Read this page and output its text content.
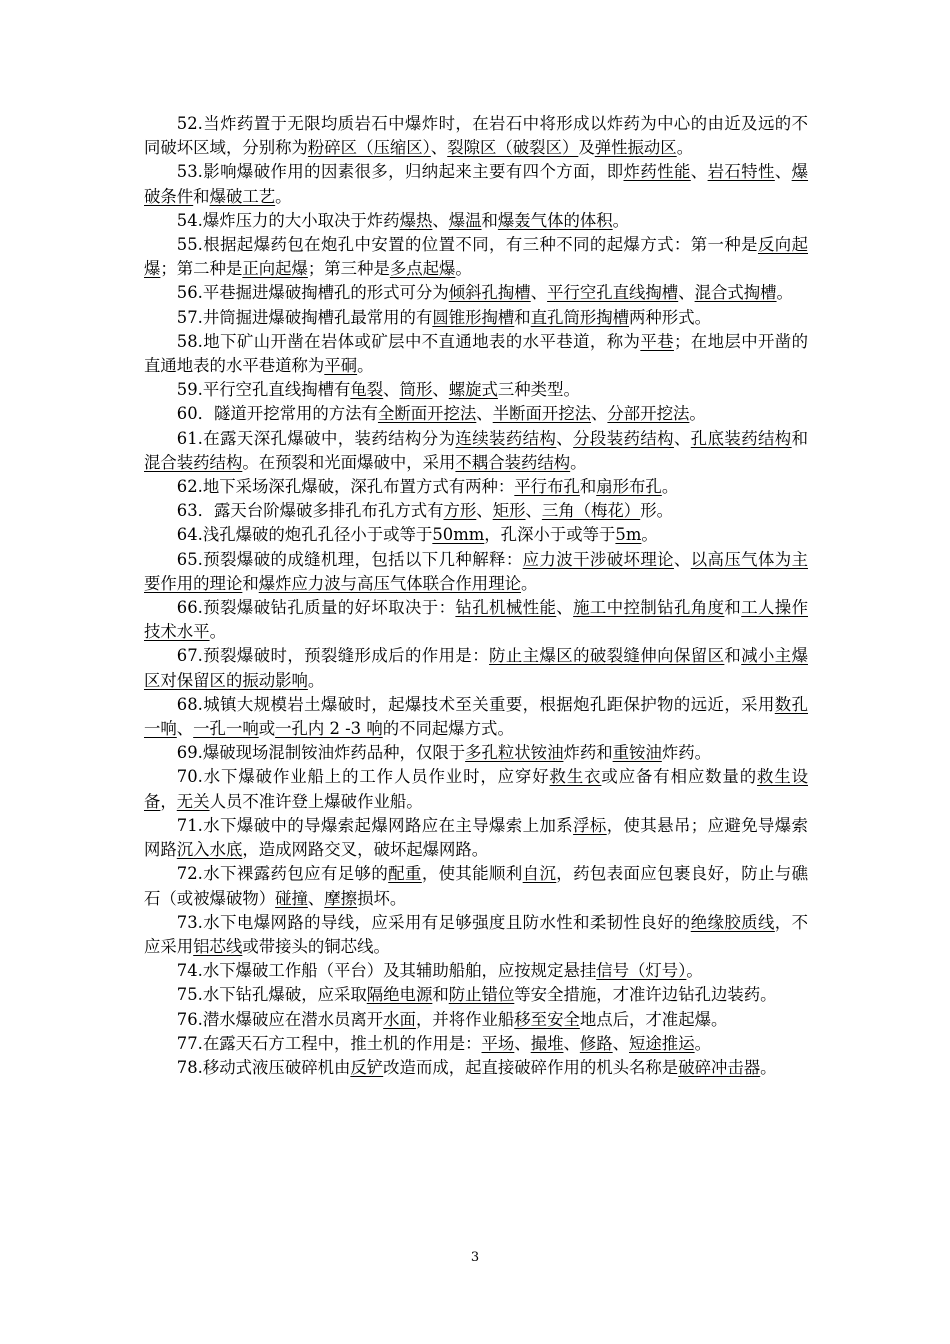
52.当炸药置于无限均质岩石中爆炸时，在岩石中将形成以炸药为中心的由近及远的不同破坏区域，分别称为粉碎区（压缩区）、裂隙区（破裂区）及弹性振动区。

53.影响爆破作用的因素很多，归纳起来主要有四个方面，即炸药性能、岩石特性、爆破条件和爆破工艺。

54.爆炸压力的大小取决于炸药爆热、爆温和爆轰气体的体积。

55.根据起爆药包在炮孔中安置的位置不同，有三种不同的起爆方式：第一种是反向起爆；第二种是正向起爆；第三种是多点起爆。

56.平巷掘进爆破掏槽孔的形式可分为倾斜孔掏槽、平行空孔直线掏槽、混合式掏槽。

57.井筒掘进爆破掏槽孔最常用的有圆锥形掏槽和直孔筒形掏槽两种形式。

58.地下矿山开凿在岩体或矿层中不直通地表的水平巷道，称为平巷；在地层中开凿的直通地表的水平巷道称为平硐。

59.平行空孔直线掏槽有龟裂、筒形、螺旋式三种类型。

60．隧道开挖常用的方法有全断面开挖法、半断面开挖法、分部开挖法。

61.在露天深孔爆破中，装药结构分为连续装药结构、分段装药结构、孔底装药结构和混合装药结构。在预裂和光面爆破中，采用不耦合装药结构。

62.地下采场深孔爆破，深孔布置方式有两种：平行布孔和扇形布孔。

63．露天台阶爆破多排孔布孔方式有方形、矩形、三角（梅花）形。

64.浅孔爆破的炮孔孔径小于或等于50mm，孔深小于或等于5m。

65.预裂爆破的成缝机理，包括以下几种解释：应力波干涉破坏理论、以高压气体为主要作用的理论和爆炸应力波与高压气体联合作用理论。

66.预裂爆破钻孔质量的好坏取决于：钻孔机械性能、施工中控制钻孔角度和工人操作技术水平。

67.预裂爆破时，预裂缝形成后的作用是：防止主爆区的破裂缝伸向保留区和减小主爆区对保留区的振动影响。

68.城镇大规模岩土爆破时，起爆技术至关重要，根据炮孔距保护物的远近，采用数孔一响、一孔一响或一孔内 2 -3 响的不同起爆方式。

69.爆破现场混制铵油炸药品种，仅限于多孔粒状铵油炸药和重铵油炸药。

70.水下爆破作业船上的工作人员作业时，应穿好救生衣或应备有相应数量的救生设备，无关人员不准许登上爆破作业船。

71.水下爆破中的导爆索起爆网路应在主导爆索上加系浮标，使其悬吊；应避免导爆索网路沉入水底，造成网路交叉，破坏起爆网路。

72.水下裸露药包应有足够的配重，使其能顺利自沉，药包表面应包裹良好，防止与礁石（或被爆破物）碰撞、摩擦损坏。

73.水下电爆网路的导线，应采用有足够强度且防水性和柔韧性良好的绝缘胶质线，不应采用铝芯线或带接头的铜芯线。

74.水下爆破工作船（平台）及其辅助船舶，应按规定悬挂信号（灯号）。

75.水下钻孔爆破，应采取隔绝电源和防止错位等安全措施，才准许边钻孔边装药。

76.潜水爆破应在潜水员离开水面，并将作业船移至安全地点后，才准起爆。

77.在露天石方工程中，推土机的作用是：平场、撮堆、修路、短途推运。

78.移动式液压破碎机由反铲改造而成，起直接破碎作用的机头名称是破碎冲击器。

3
